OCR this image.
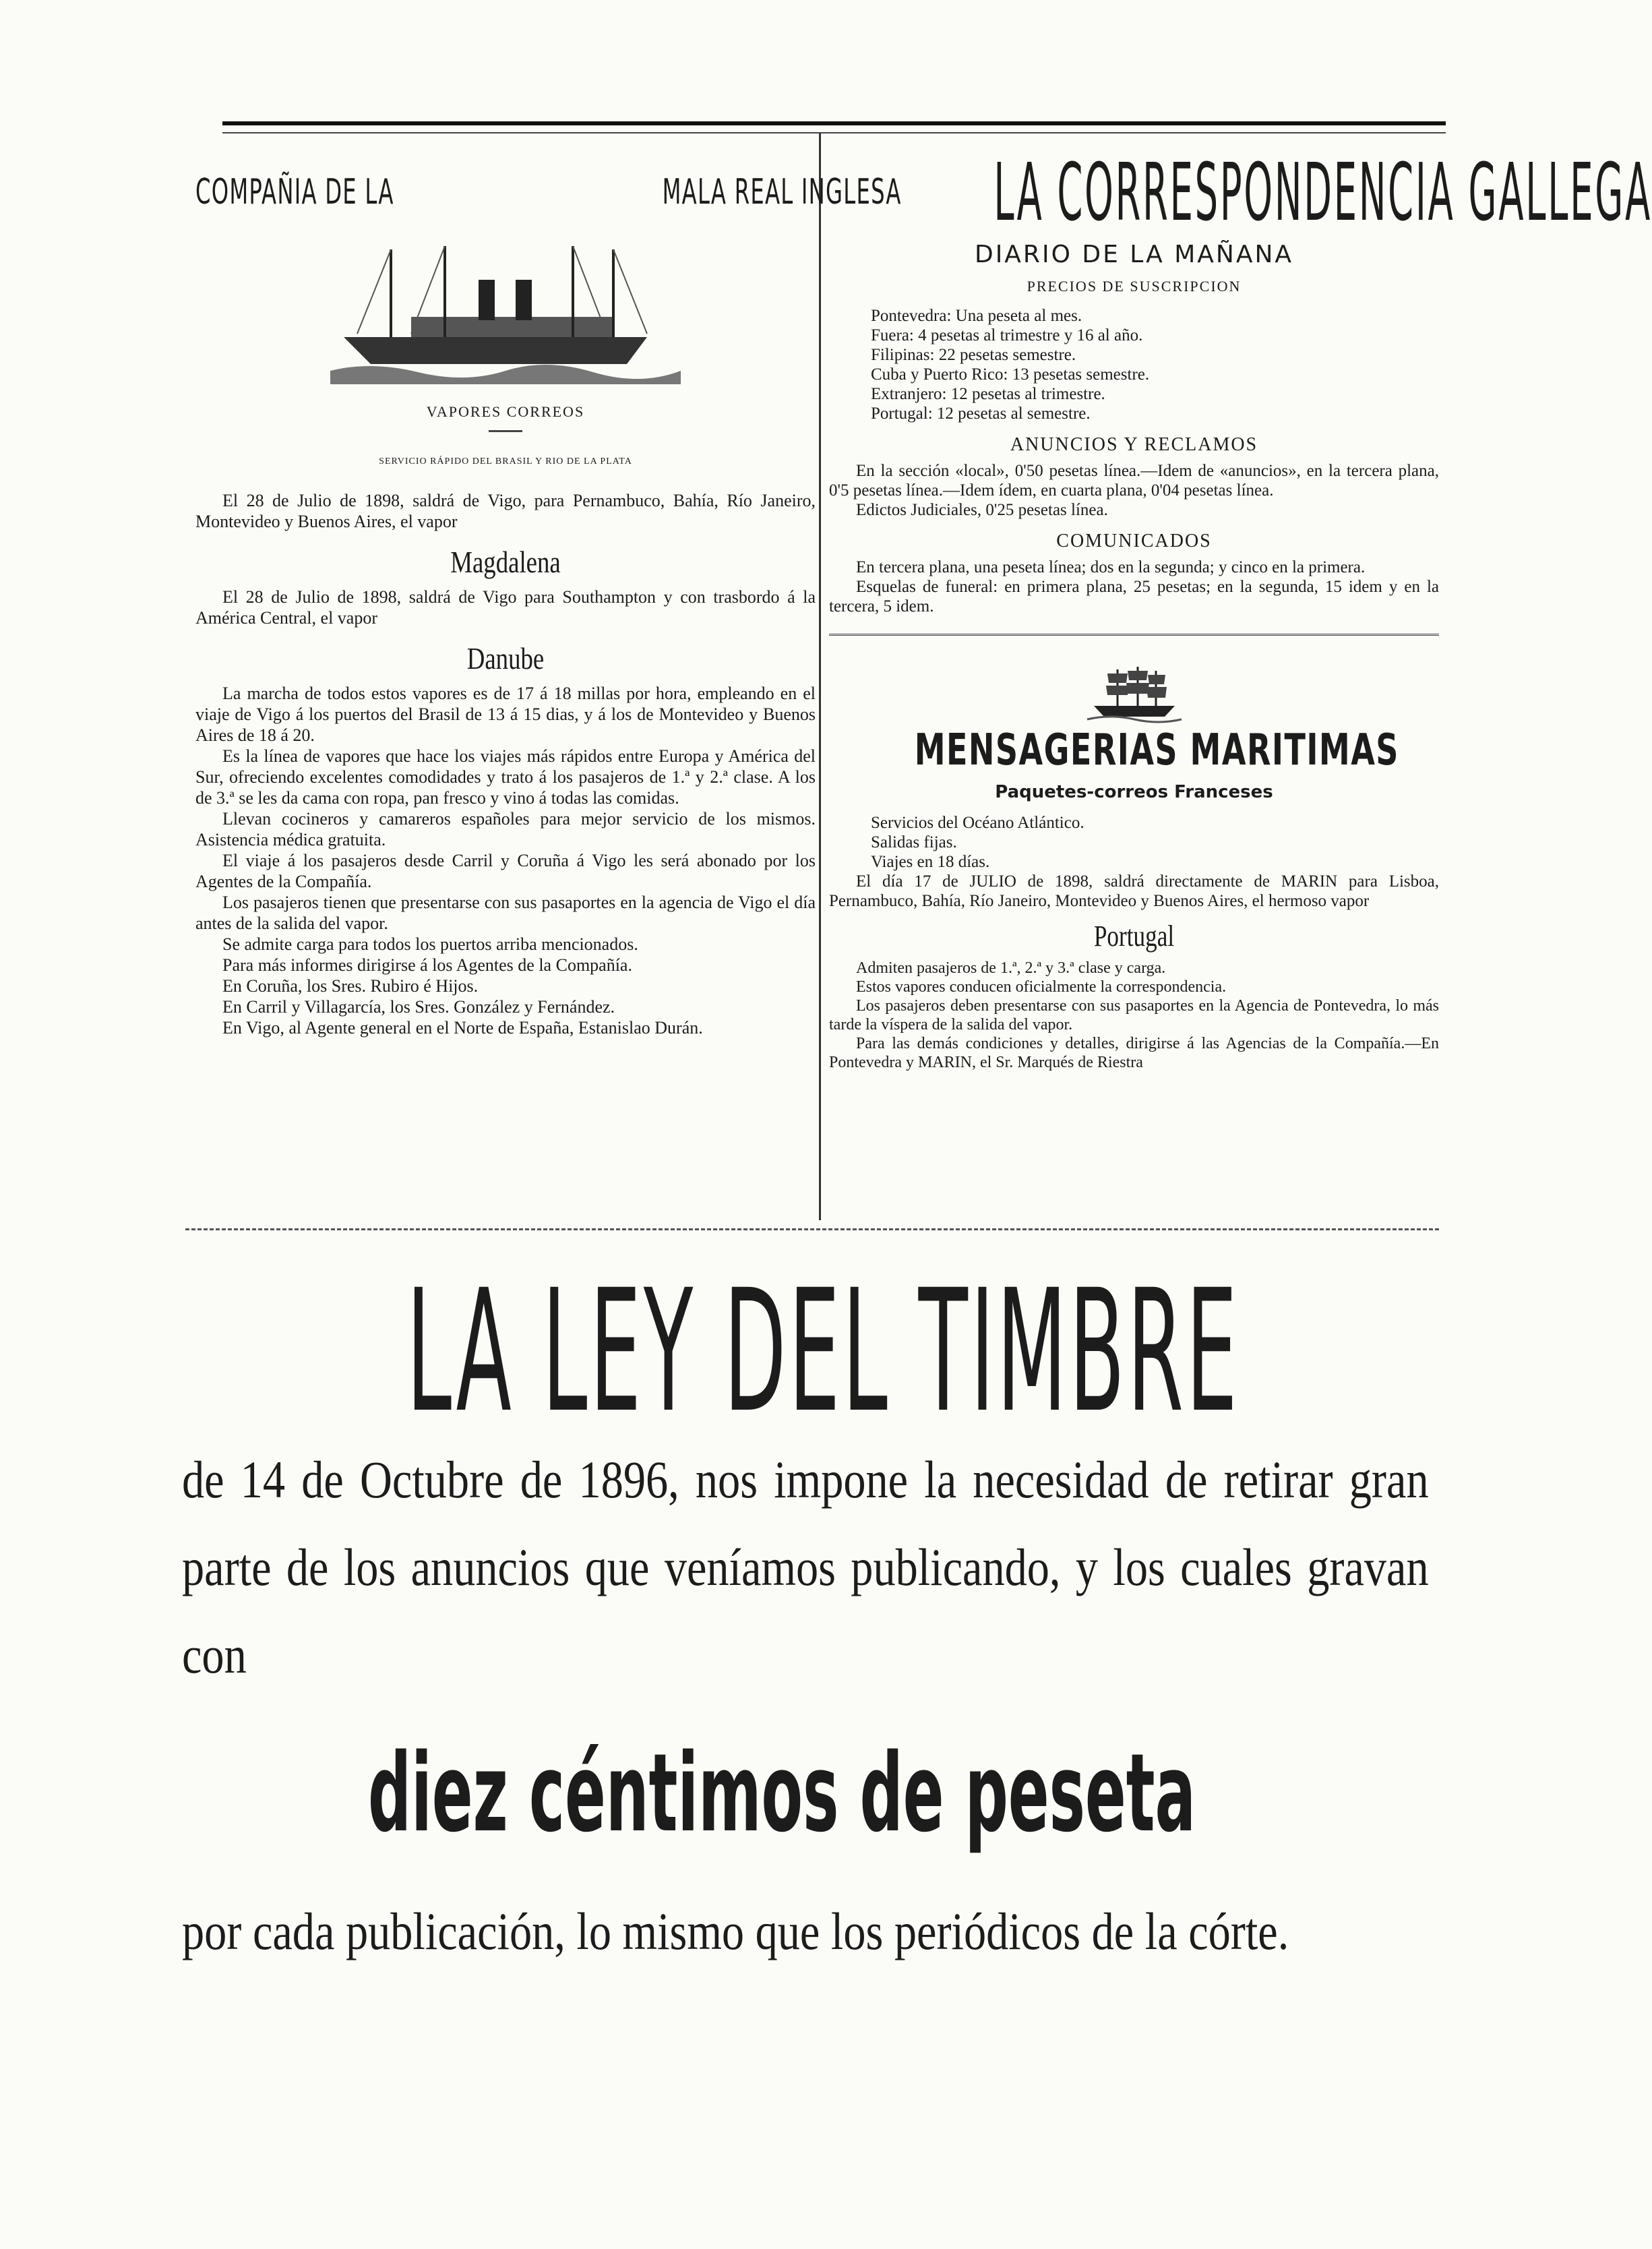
COMPAÑIA DE LA	MALA REAL INGLESA
VAPORES CORREOS
SERVICIO RÁPIDO DEL BRASIL Y RIO DE LA PLATA

El 28 de Julio de 1898, saldrá de Vigo, para Pernambuco, Bahía, Río Janeiro, Montevideo y Buenos Aires, el vapor

Magdalena

El 28 de Julio de 1898, saldrá de Vigo para Southampton y con trasbordo á la América Central, el vapor

Danube

La marcha de todos estos vapores es de 17 á 18 millas por hora, empleando en el viaje de Vigo á los puertos del Brasil de 13 á 15 dias, y á los de Montevideo y Buenos Aires de 18 á 20.

Es la línea de vapores que hace los viajes más rápidos entre Europa y América del Sur, ofreciendo excelentes comodidades y trato á los pasajeros de 1.ª y 2.ª clase. A los de 3.ª se les da cama con ropa, pan fresco y vino á todas las comidas.

Llevan cocineros y camareros españoles para mejor servicio de los mismos. Asistencia médica gratuita.

El viaje á los pasajeros desde Carril y Coruña á Vigo les será abonado por los Agentes de la Compañía.

Los pasajeros tienen que presentarse con sus pasaportes en la agencia de Vigo el día antes de la salida del vapor.

Se admite carga para todos los puertos arriba mencionados.

Para más informes dirigirse á los Agentes de la Compañía.

En Coruña, los Sres. Rubiro é Hijos.

En Carril y Villagarcía, los Sres. González y Fernández.

En Vigo, al Agente general en el Norte de España, Estanislao Durán.

LA CORRESPONDENCIA GALLEGA
DIARIO DE LA MAÑANA
PRECIOS DE SUSCRIPCION
Pontevedra: Una peseta al mes.
Fuera: 4 pesetas al trimestre y 16 al año.
Filipinas: 22 pesetas semestre.
Cuba y Puerto Rico: 13 pesetas semestre.
Extranjero: 12 pesetas al trimestre.
Portugal: 12 pesetas al semestre.
ANUNCIOS Y RECLAMOS

En la sección «local», 0'50 pesetas línea.—Idem de «anuncios», en la tercera plana, 0'5 pesetas línea.—Idem ídem, en cuarta plana, 0'04 pesetas línea.

Edictos Judiciales, 0'25 pesetas línea.

COMUNICADOS

En tercera plana, una peseta línea; dos en la segunda; y cinco en la primera.

Esquelas de funeral: en primera plana, 25 pesetas; en la segunda, 15 idem y en la tercera, 5 idem.

MENSAGERIAS MARITIMAS
Paquetes-correos Franceses
Servicios del Océano Atlántico.
Salidas fijas.
Viajes en 18 días.

El día 17 de JULIO de 1898, saldrá directamente de MARIN para Lisboa, Pernambuco, Bahía, Río Janeiro, Montevideo y Buenos Aires, el hermoso vapor

Portugal

Admiten pasajeros de 1.ª, 2.ª y 3.ª clase y carga.

Estos vapores conducen oficialmente la correspondencia.

Los pasajeros deben presentarse con sus pasaportes en la Agencia de Pontevedra, lo más tarde la víspera de la salida del vapor.

Para las demás condiciones y detalles, dirigirse á las Agencias de la Compañía.—En Pontevedra y MARIN, el Sr. Marqués de Riestra

LA LEY DEL TIMBRE
de 14 de Octubre de 1896, nos impone la necesidad de retirar gran parte de los anuncios que veníamos publicando, y los cuales gravan con
diez céntimos de peseta
por cada publicación, lo mismo que los periódicos de la córte.
